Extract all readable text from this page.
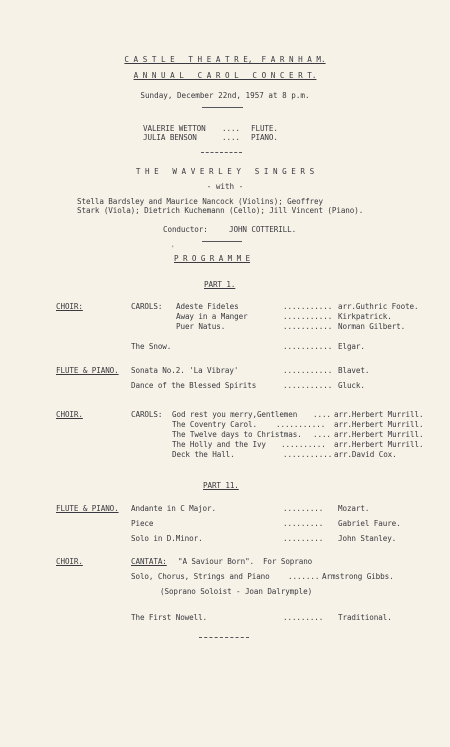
C A S T L E   T H E A T R E,  F A R N H A M.
A N N U A L   C A R O L   C O N C E R T.
Sunday, December 22nd, 1957 at 8 p.m.
VALERIE WETTON .... FLUTE.
JULIA BENSON	.... PIANO.
T H E   W A V E R L E Y   S I N G E R S
- with -
Stella Bardsley and Maurice Nancock (Violins); Geoffrey
Stark (Viola); Dietrich Kuchemann (Cello); Jill Vincent (Piano).
Conductor:	JOHN COTTERILL.
'
P R O G R A M M E
PART 1.
CHOIR:	CAROLS: Adeste Fideles	........... arr.Guthric Foote.
Away in a Manger	........... Kirkpatrick.
Puer Natus.	........... Norman Gilbert.
The Snow.	........... Elgar.
FLUTE & PIANO. Sonata No.2. 'La Vibray'	........... Blavet.
Dance of the Blessed Spirits	........... Gluck.
CHOIR.	CAROLS: God rest you merry,Gentlemen .... arr.Herbert Murrill.
The Coventry Carol.	........... arr.Herbert Murrill.
The Twelve days to Christmas. .... arr.Herbert Murrill.
The Holly and the Ivy .......... arr.Herbert Murrill.
Deck the Hall.	........... arr.David Cox.
PART 11.
FLUTE & PIANO. Andante in C Major.	......... Mozart.
Piece	......... Gabriel Faure.
Solo in D.Minor.	......... John Stanley.
CHOIR.	CANTATA: "A Saviour Born".  For Soprano
Solo, Chorus, Strings and Piano ....... Armstrong Gibbs.
(Soprano Soloist - Joan Dalrymple)
The First Nowell.	......... Traditional.
